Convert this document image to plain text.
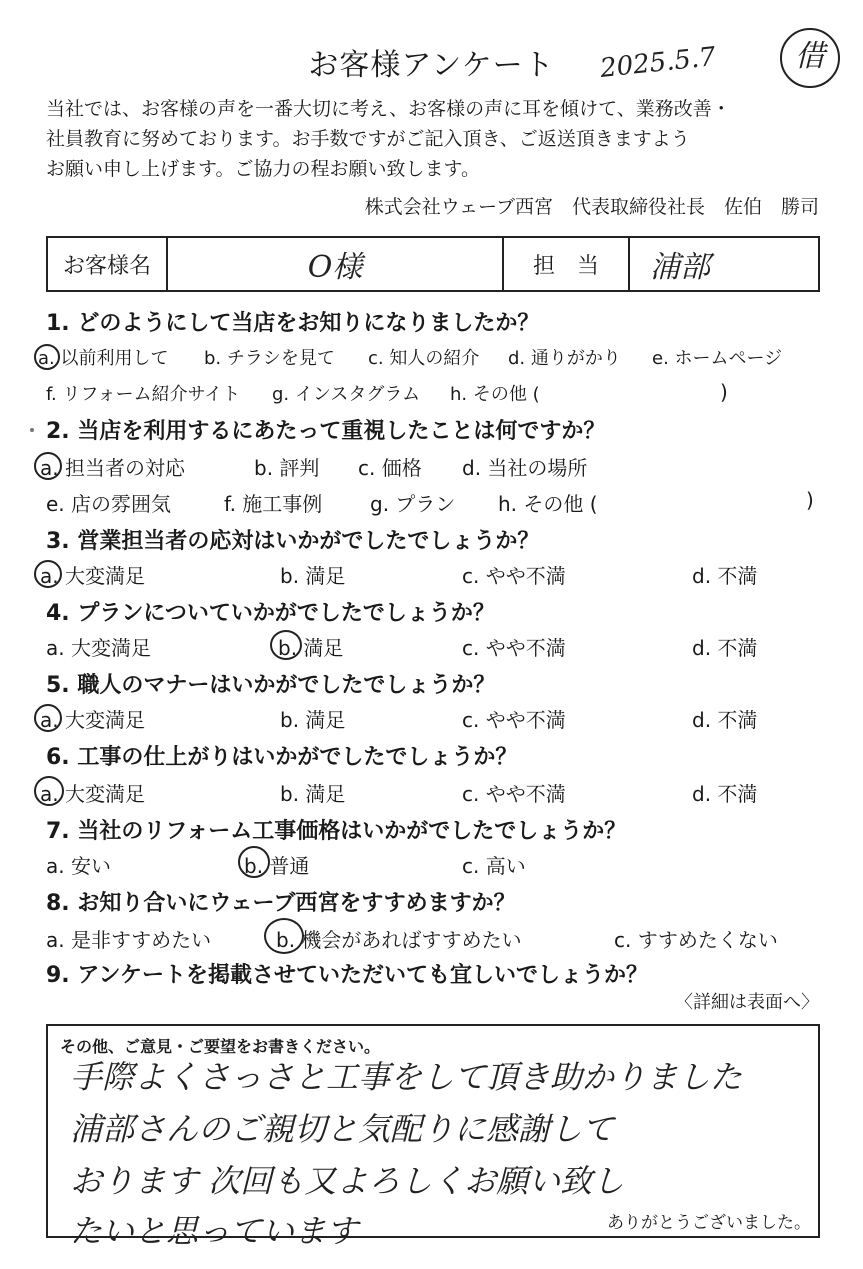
お客様アンケート	2025.5.7	借
当社では、お客様の声を一番大切に考え、お客様の声に耳を傾けて、業務改善・
社員教育に努めております。お手数ですがご記入頂き、ご返送頂きますよう
お願い申し上げます。ご協力の程お願い致します。
株式会社ウェーブ西宮　代表取締役社長　佐伯　勝司
お客様名	O様	担　当	浦部
1. どのようにして当店をお知りになりましたか？
a. 以前利用して b. チラシを見て c. 知人の紹介 d. 通りがかり e. ホームページ
f. リフォーム紹介サイト g. インスタグラム h. その他 (	)
2. 当店を利用するにあたって重視したことは何ですか？
a. 担当者の対応	b. 評判 c. 価格 d. 当社の場所
e. 店の雰囲気	f. 施工事例 g. プラン h. その他 (	)
3. 営業担当者の応対はいかがでしたでしょうか？
a. 大変満足	b. 満足	c. やや不満	d. 不満
4. プランについていかがでしたでしょうか？
a. 大変満足	b. 満足	c. やや不満	d. 不満
5. 職人のマナーはいかがでしたでしょうか？
a. 大変満足	b. 満足	c. やや不満	d. 不満
6. 工事の仕上がりはいかがでしたでしょうか？
a. 大変満足	b. 満足	c. やや不満	d. 不満
7. 当社のリフォーム工事価格はいかがでしたでしょうか？
a. 安い	b. 普通	c. 高い
8. お知り合いにウェーブ西宮をすすめますか？
a. 是非すすめたい	b. 機会があればすすめたい	c. すすめたくない
9. アンケートを掲載させていただいても宜しいでしょうか？
〈詳細は表面へ〉
その他、ご意見・ご要望をお書きください。
手際よくさっさと工事をして頂き助かりました
浦部さんのご親切と気配りに感謝して
おります 次回も又よろしくお願い致し
たいと思っています	ありがとうございました。
